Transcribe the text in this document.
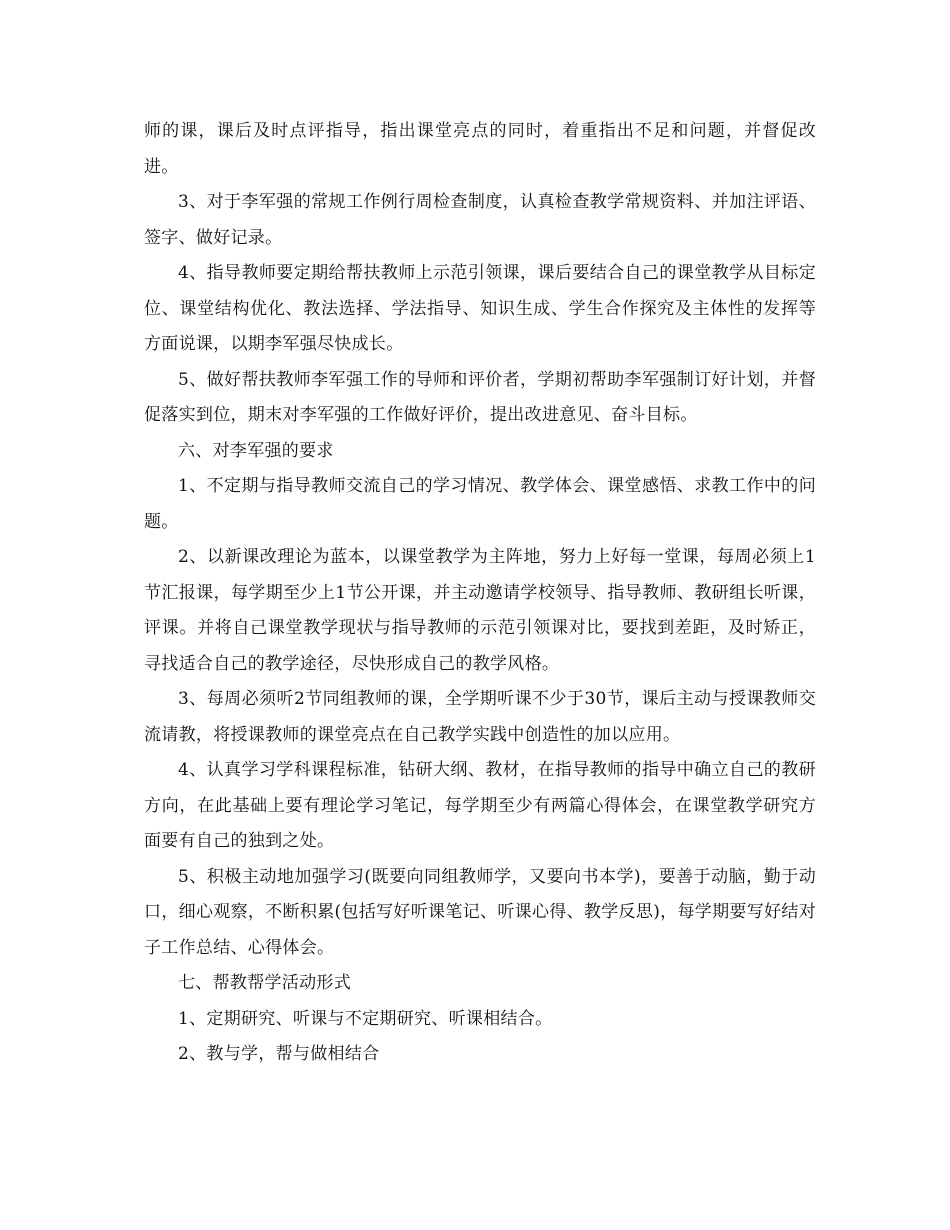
师的课，课后及时点评指导，指出课堂亮点的同时，着重指出不足和问题，并督促改进。

3、对于李军强的常规工作例行周检查制度，认真检查教学常规资料、并加注评语、签字、做好记录。

4、指导教师要定期给帮扶教师上示范引领课，课后要结合自己的课堂教学从目标定位、课堂结构优化、教法选择、学法指导、知识生成、学生合作探究及主体性的发挥等方面说课，以期李军强尽快成长。

5、做好帮扶教师李军强工作的导师和评价者，学期初帮助李军强制订好计划，并督促落实到位，期末对李军强的工作做好评价，提出改进意见、奋斗目标。

六、对李军强的要求

1、不定期与指导教师交流自己的学习情况、教学体会、课堂感悟、求教工作中的问题。

2、以新课改理论为蓝本，以课堂教学为主阵地，努力上好每一堂课，每周必须上1节汇报课，每学期至少上1节公开课，并主动邀请学校领导、指导教师、教研组长听课，评课。并将自己课堂教学现状与指导教师的示范引领课对比，要找到差距，及时矫正，寻找适合自己的教学途径，尽快形成自己的教学风格。

3、每周必须听2节同组教师的课，全学期听课不少于30节，课后主动与授课教师交流请教，将授课教师的课堂亮点在自己教学实践中创造性的加以应用。

4、认真学习学科课程标准，钻研大纲、教材，在指导教师的指导中确立自己的教研方向，在此基础上要有理论学习笔记，每学期至少有两篇心得体会，在课堂教学研究方面要有自己的独到之处。

5、积极主动地加强学习(既要向同组教师学，又要向书本学)，要善于动脑，勤于动口，细心观察，不断积累(包括写好听课笔记、听课心得、教学反思)，每学期要写好结对子工作总结、心得体会。

七、帮教帮学活动形式

1、定期研究、听课与不定期研究、听课相结合。

2、教与学，帮与做相结合
